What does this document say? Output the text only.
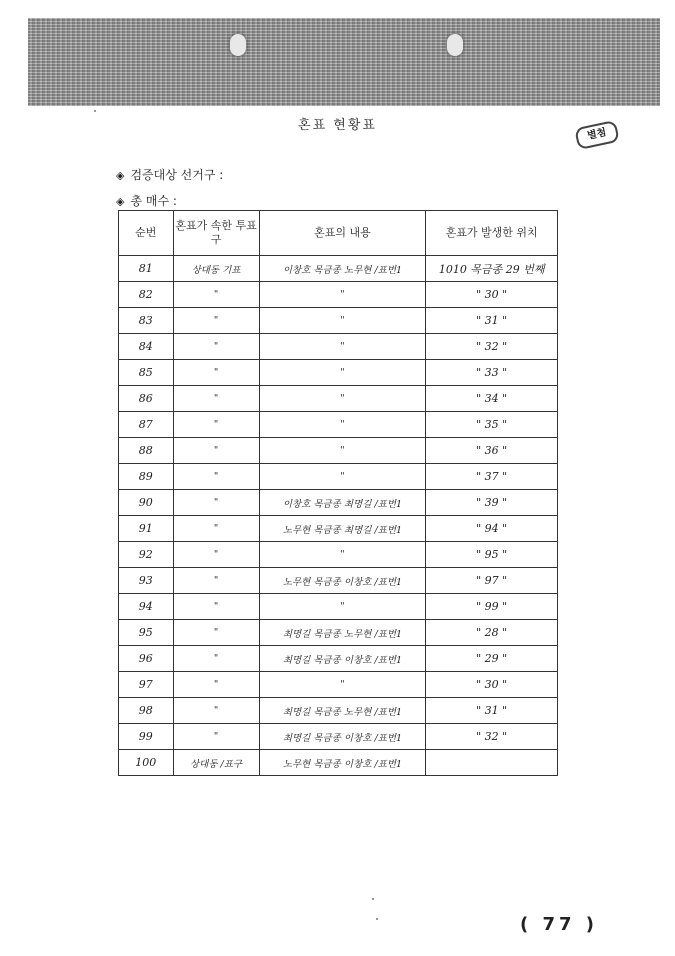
혼표 현황표
별첨
◈ 검증대상 선거구 :
◈ 총 매수 :
순번	혼표가 속한 투표구	혼표의 내용	혼표가 발생한 위치
81	상대동 기표	이창호 목금종 노무현 /표번1	1010 목금종 29 번째
82	"	"	" 30 "
83	"	"	" 31 "
84	"	"	" 32 "
85	"	"	" 33 "
86	"	"	" 34 "
87	"	"	" 35 "
88	"	"	" 36 "
89	"	"	" 37 "
90	"	이창호 목금종 최명길 /표번1	" 39 "
91	"	노무현 목금종 최명길 /표번1	" 94 "
92	"	"	" 95 "
93	"	노무현 목금종 이창호 /표번1	" 97 "
94	"	"	" 99 "
95	"	최명길 목금종 노무현 /표번1	" 28 "
96	"	최명길 목금종 이창호 /표번1	" 29 "
97	"	"	" 30 "
98	"	최명길 목금종 노무현 /표번1	" 31 "
99	"	최명길 목금종 이창호 /표번1	" 32 "
100	상대동 /표구	노무현 목금종 이창호 /표번1	
( 77 )
